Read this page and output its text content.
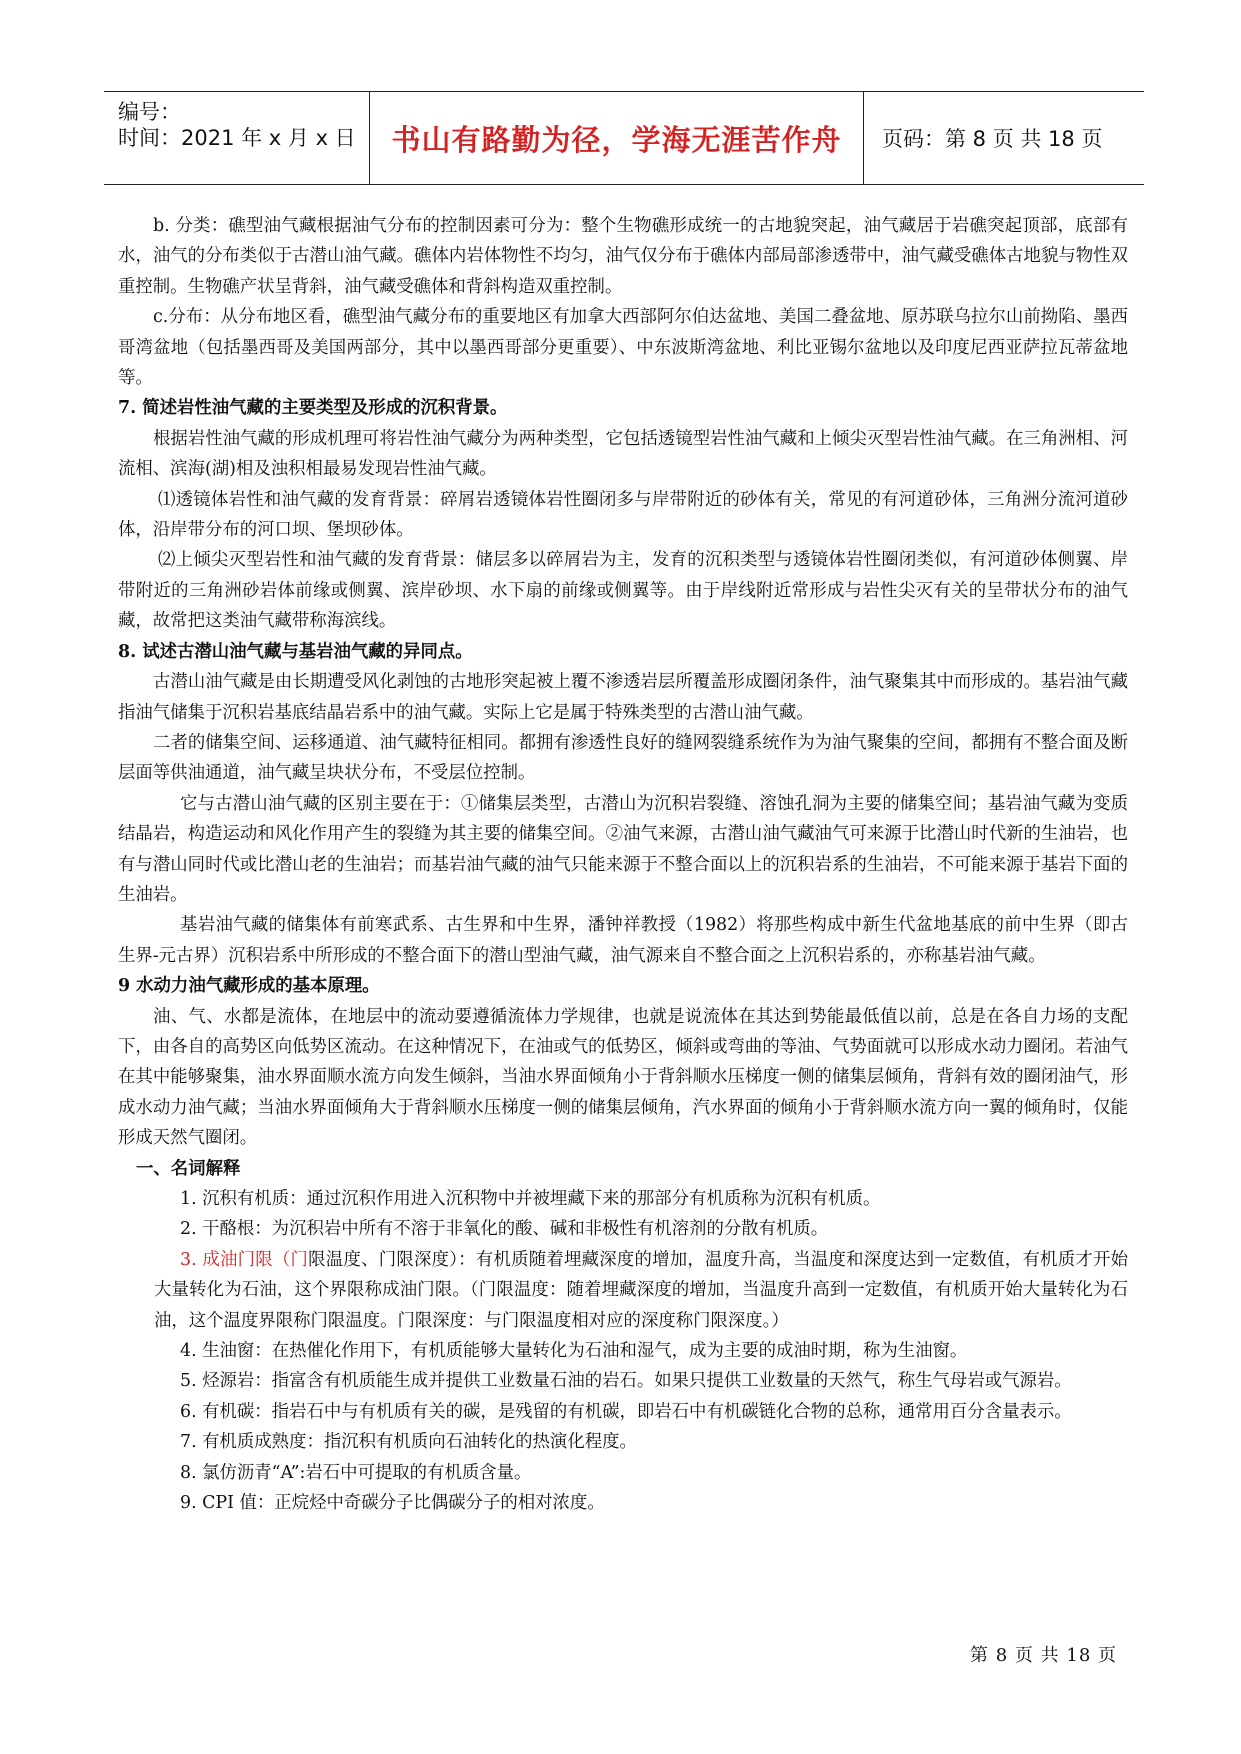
编号：
时间：2021 年 x 月 x 日 书山有路勤为径，学海无涯苦作舟 页码：第 8 页 共 18 页

b. 分类：礁型油气藏根据油气分布的控制因素可分为：整个生物礁形成统一的古地貌突起，油气藏居于岩礁突起顶部，底部有水，油气的分布类似于古潜山油气藏。礁体内岩体物性不均匀，油气仅分布于礁体内部局部渗透带中，油气藏受礁体古地貌与物性双重控制。生物礁产状呈背斜，油气藏受礁体和背斜构造双重控制。

c.分布：从分布地区看，礁型油气藏分布的重要地区有加拿大西部阿尔伯达盆地、美国二叠盆地、原苏联乌拉尔山前拗陷、墨西哥湾盆地（包括墨西哥及美国两部分，其中以墨西哥部分更重要）、中东波斯湾盆地、利比亚锡尔盆地以及印度尼西亚萨拉瓦蒂盆地等。

7. 简述岩性油气藏的主要类型及形成的沉积背景。

根据岩性油气藏的形成机理可将岩性油气藏分为两种类型，它包括透镜型岩性油气藏和上倾尖灭型岩性油气藏。在三角洲相、河流相、滨海(湖)相及浊积相最易发现岩性油气藏。

⑴透镜体岩性和油气藏的发育背景：碎屑岩透镜体岩性圈闭多与岸带附近的砂体有关，常见的有河道砂体，三角洲分流河道砂体，沿岸带分布的河口坝、堡坝砂体。

⑵上倾尖灭型岩性和油气藏的发育背景：储层多以碎屑岩为主，发育的沉积类型与透镜体岩性圈闭类似，有河道砂体侧翼、岸带附近的三角洲砂岩体前缘或侧翼、滨岸砂坝、水下扇的前缘或侧翼等。由于岸线附近常形成与岩性尖灭有关的呈带状分布的油气藏，故常把这类油气藏带称海滨线。

8. 试述古潜山油气藏与基岩油气藏的异同点。

古潜山油气藏是由长期遭受风化剥蚀的古地形突起被上覆不渗透岩层所覆盖形成圈闭条件，油气聚集其中而形成的。基岩油气藏指油气储集于沉积岩基底结晶岩系中的油气藏。实际上它是属于特殊类型的古潜山油气藏。

二者的储集空间、运移通道、油气藏特征相同。都拥有渗透性良好的缝网裂缝系统作为为油气聚集的空间，都拥有不整合面及断层面等供油通道，油气藏呈块状分布，不受层位控制。

它与古潜山油气藏的区别主要在于：①储集层类型，古潜山为沉积岩裂缝、溶蚀孔洞为主要的储集空间；基岩油气藏为变质结晶岩，构造运动和风化作用产生的裂缝为其主要的储集空间。②油气来源，古潜山油气藏油气可来源于比潜山时代新的生油岩，也有与潜山同时代或比潜山老的生油岩；而基岩油气藏的油气只能来源于不整合面以上的沉积岩系的生油岩，不可能来源于基岩下面的生油岩。

基岩油气藏的储集体有前寒武系、古生界和中生界，潘钟祥教授（1982）将那些构成中新生代盆地基底的前中生界（即古生界-元古界）沉积岩系中所形成的不整合面下的潜山型油气藏，油气源来自不整合面之上沉积岩系的，亦称基岩油气藏。

9 水动力油气藏形成的基本原理。

油、气、水都是流体，在地层中的流动要遵循流体力学规律，也就是说流体在其达到势能最低值以前，总是在各自力场的支配下，由各自的高势区向低势区流动。在这种情况下，在油或气的低势区，倾斜或弯曲的等油、气势面就可以形成水动力圈闭。若油气在其中能够聚集，油水界面顺水流方向发生倾斜，当油水界面倾角小于背斜顺水压梯度一侧的储集层倾角，背斜有效的圈闭油气，形成水动力油气藏；当油水界面倾角大于背斜顺水压梯度一侧的储集层倾角，汽水界面的倾角小于背斜顺水流方向一翼的倾角时，仅能形成天然气圈闭。

一、名词解释

1. 沉积有机质：通过沉积作用进入沉积物中并被埋藏下来的那部分有机质称为沉积有机质。

2. 干酪根：为沉积岩中所有不溶于非氧化的酸、碱和非极性有机溶剂的分散有机质。

3. 成油门限（门限温度、门限深度）：有机质随着埋藏深度的增加，温度升高，当温度和深度达到一定数值，有机质才开始大量转化为石油，这个界限称成油门限。（门限温度：随着埋藏深度的增加，当温度升高到一定数值，有机质开始大量转化为石油，这个温度界限称门限温度。门限深度：与门限温度相对应的深度称门限深度。）

4. 生油窗：在热催化作用下，有机质能够大量转化为石油和湿气，成为主要的成油时期，称为生油窗。

5. 烃源岩：指富含有机质能生成并提供工业数量石油的岩石。如果只提供工业数量的天然气，称生气母岩或气源岩。

6. 有机碳：指岩石中与有机质有关的碳，是残留的有机碳，即岩石中有机碳链化合物的总称，通常用百分含量表示。

7. 有机质成熟度：指沉积有机质向石油转化的热演化程度。

8. 氯仿沥青“A”:岩石中可提取的有机质含量。

9. CPI 值：正烷烃中奇碳分子比偶碳分子的相对浓度。

第 8 页 共 18 页
